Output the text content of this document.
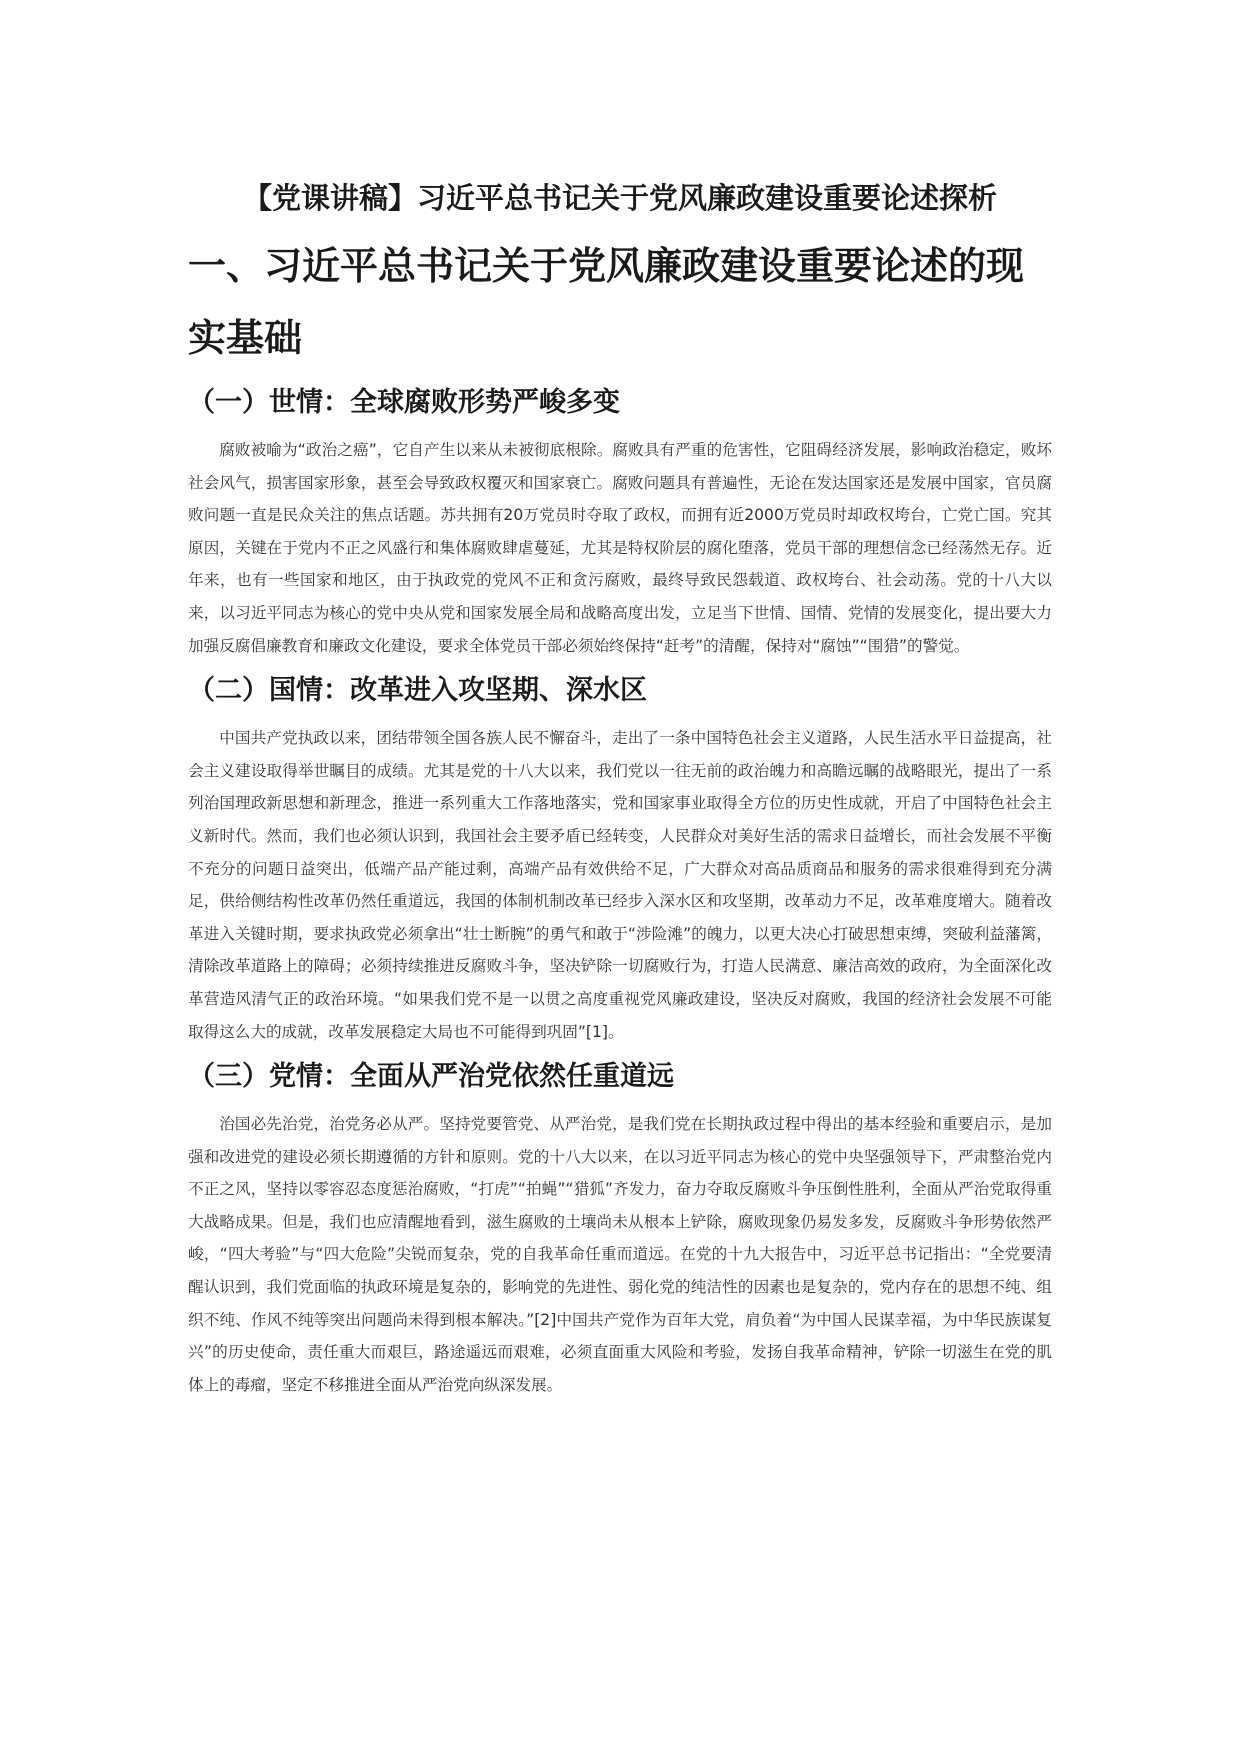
【党课讲稿】习近平总书记关于党风廉政建设重要论述探析
一、习近平总书记关于党风廉政建设重要论述的现实基础
（一）世情：全球腐败形势严峻多变

腐败被喻为“政治之癌”，它自产生以来从未被彻底根除。腐败具有严重的危害性，它阻碍经济发展，影响政治稳定，败坏社会风气，损害国家形象，甚至会导致政权覆灭和国家衰亡。腐败问题具有普遍性，无论在发达国家还是发展中国家，官员腐败问题一直是民众关注的焦点话题。苏共拥有20万党员时夺取了政权，而拥有近2000万党员时却政权垮台，亡党亡国。究其原因，关键在于党内不正之风盛行和集体腐败肆虐蔓延，尤其是特权阶层的腐化堕落，党员干部的理想信念已经荡然无存。近年来，也有一些国家和地区，由于执政党的党风不正和贪污腐败，最终导致民怨载道、政权垮台、社会动荡。党的十八大以来，以习近平同志为核心的党中央从党和国家发展全局和战略高度出发，立足当下世情、国情、党情的发展变化，提出要大力加强反腐倡廉教育和廉政文化建设，要求全体党员干部必须始终保持“赶考”的清醒，保持对“腐蚀”“围猎”的警觉。

（二）国情：改革进入攻坚期、深水区

中国共产党执政以来，团结带领全国各族人民不懈奋斗，走出了一条中国特色社会主义道路，人民生活水平日益提高，社会主义建设取得举世瞩目的成绩。尤其是党的十八大以来，我们党以一往无前的政治魄力和高瞻远瞩的战略眼光，提出了一系列治国理政新思想和新理念，推进一系列重大工作落地落实，党和国家事业取得全方位的历史性成就，开启了中国特色社会主义新时代。然而，我们也必须认识到，我国社会主要矛盾已经转变，人民群众对美好生活的需求日益增长，而社会发展不平衡不充分的问题日益突出，低端产品产能过剩，高端产品有效供给不足，广大群众对高品质商品和服务的需求很难得到充分满足，供给侧结构性改革仍然任重道远，我国的体制机制改革已经步入深水区和攻坚期，改革动力不足，改革难度增大。随着改革进入关键时期，要求执政党必须拿出“壮士断腕”的勇气和敢于“涉险滩”的魄力，以更大决心打破思想束缚，突破利益藩篱，清除改革道路上的障碍；必须持续推进反腐败斗争，坚决铲除一切腐败行为，打造人民满意、廉洁高效的政府，为全面深化改革营造风清气正的政治环境。“如果我们党不是一以贯之高度重视党风廉政建设，坚决反对腐败，我国的经济社会发展不可能取得这么大的成就，改革发展稳定大局也不可能得到巩固”[1]。

（三）党情：全面从严治党依然任重道远

治国必先治党，治党务必从严。坚持党要管党、从严治党，是我们党在长期执政过程中得出的基本经验和重要启示，是加强和改进党的建设必须长期遵循的方针和原则。党的十八大以来，在以习近平同志为核心的党中央坚强领导下，严肃整治党内不正之风，坚持以零容忍态度惩治腐败，“打虎”“拍蝇”“猎狐”齐发力，奋力夺取反腐败斗争压倒性胜利，全面从严治党取得重大战略成果。但是，我们也应清醒地看到，滋生腐败的土壤尚未从根本上铲除，腐败现象仍易发多发，反腐败斗争形势依然严峻，“四大考验”与“四大危险”尖锐而复杂，党的自我革命任重而道远。在党的十九大报告中，习近平总书记指出：“全党要清醒认识到，我们党面临的执政环境是复杂的，影响党的先进性、弱化党的纯洁性的因素也是复杂的，党内存在的思想不纯、组织不纯、作风不纯等突出问题尚未得到根本解决。”[2]中国共产党作为百年大党，肩负着“为中国人民谋幸福，为中华民族谋复兴”的历史使命，责任重大而艰巨，路途遥远而艰难，必须直面重大风险和考验，发扬自我革命精神，铲除一切滋生在党的肌体上的毒瘤，坚定不移推进全面从严治党向纵深发展。
